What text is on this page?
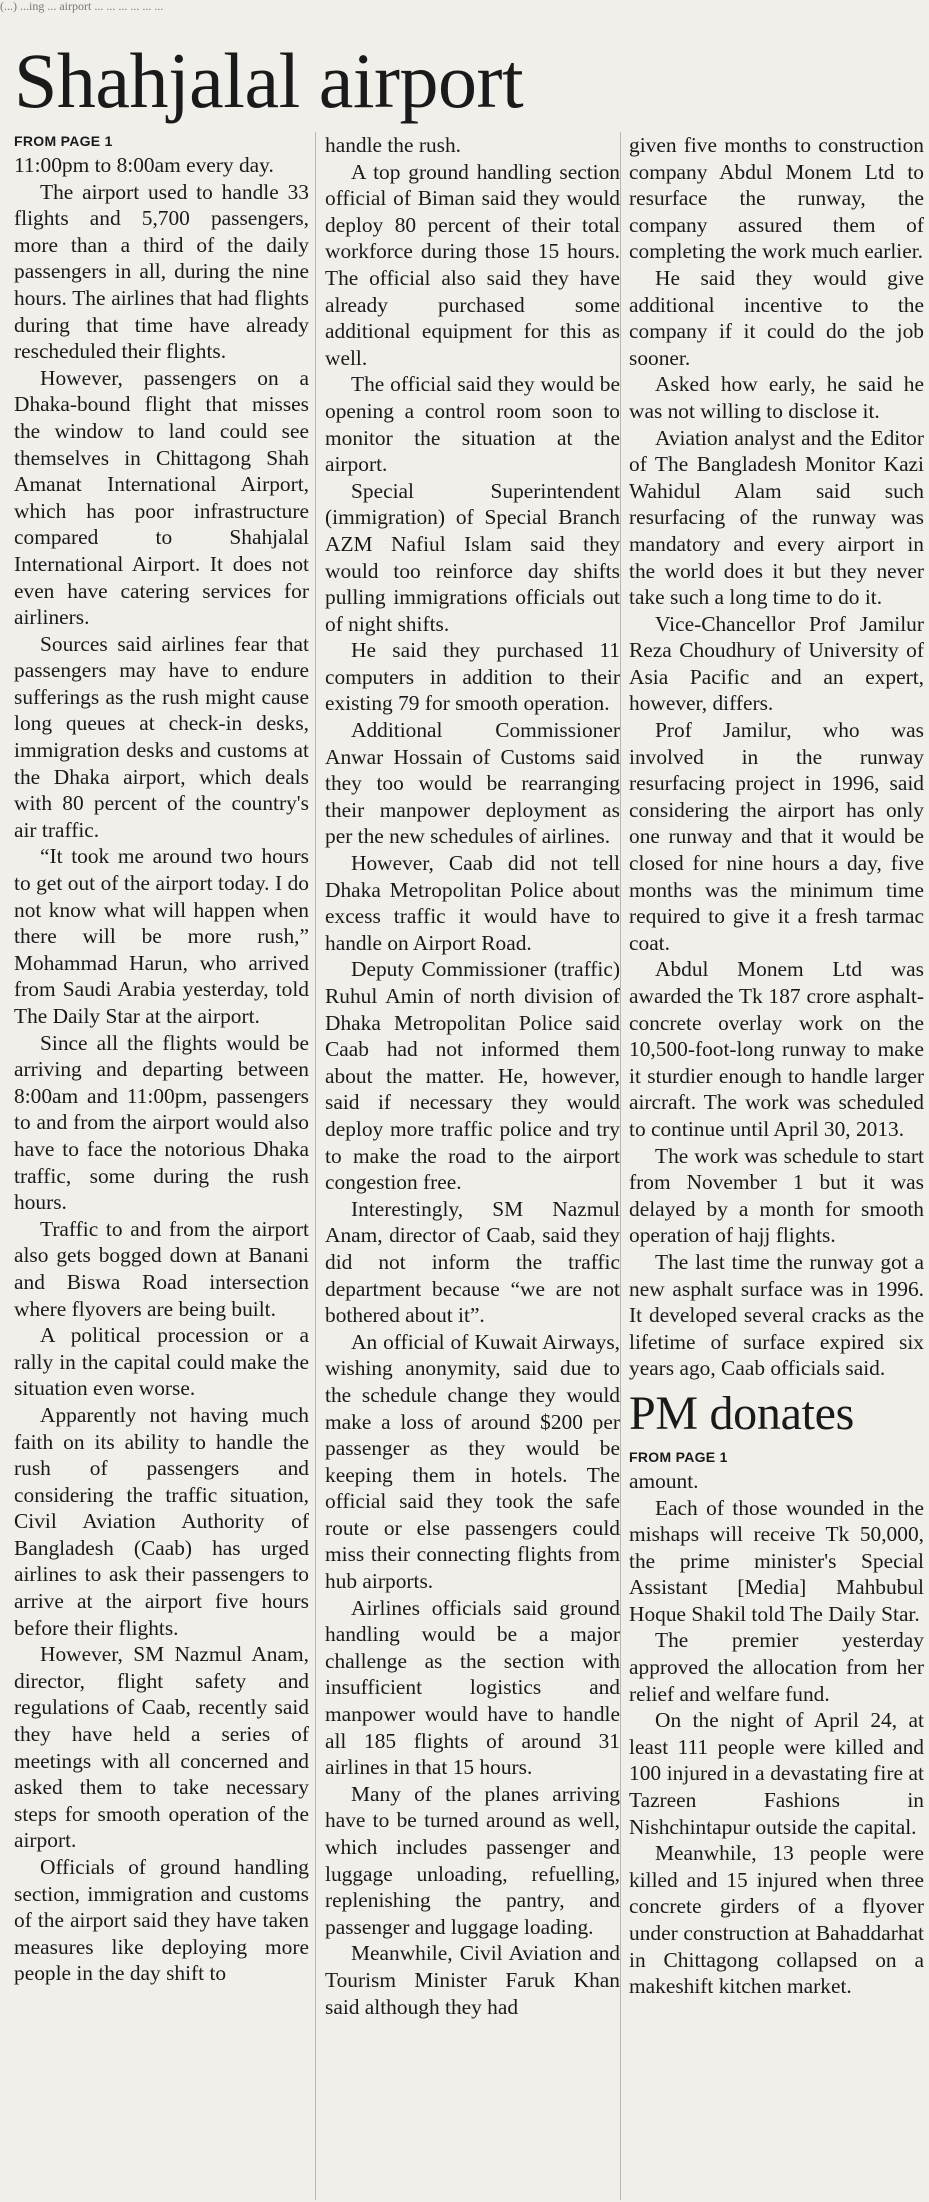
(...) ...ing ... airport ... ... ... ... ... ...
Shahjalal airport
FROM PAGE 1

11:00pm to 8:00am every day.

The airport used to handle 33 flights and 5,700 passengers, more than a third of the daily passengers in all, during the nine hours. The airlines that had flights during that time have already rescheduled their flights.

However, passengers on a Dhaka-bound flight that misses the window to land could see themselves in Chittagong Shah Amanat International Airport, which has poor infrastructure compared to Shahjalal International Airport. It does not even have catering services for airliners.

Sources said airlines fear that passengers may have to endure sufferings as the rush might cause long queues at check-in desks, immigration desks and customs at the Dhaka airport, which deals with 80 percent of the country's air traffic.

“It took me around two hours to get out of the airport today. I do not know what will happen when there will be more rush,” Mohammad Harun, who arrived from Saudi Arabia yesterday, told The Daily Star at the airport.

Since all the flights would be arriving and departing between 8:00am and 11:00pm, passengers to and from the airport would also have to face the notorious Dhaka traffic, some during the rush hours.

Traffic to and from the airport also gets bogged down at Banani and Biswa Road intersection where flyovers are being built.

A political procession or a rally in the capital could make the situation even worse.

Apparently not having much faith on its ability to handle the rush of passengers and considering the traffic situation, Civil Aviation Authority of Bangladesh (Caab) has urged airlines to ask their passengers to arrive at the airport five hours before their flights.

However, SM Nazmul Anam, director, flight safety and regulations of Caab, recently said they have held a series of meetings with all concerned and asked them to take necessary steps for smooth operation of the airport.

Officials of ground handling section, immigration and customs of the airport said they have taken measures like deploying more people in the day shift to

handle the rush.

A top ground handling section official of Biman said they would deploy 80 percent of their total workforce during those 15 hours. The official also said they have already purchased some additional equipment for this as well.

The official said they would be opening a control room soon to monitor the situation at the airport.

Special Superintendent (immigration) of Special Branch AZM Nafiul Islam said they would too reinforce day shifts pulling immigrations officials out of night shifts.

He said they purchased 11 computers in addition to their existing 79 for smooth operation.

Additional Commissioner Anwar Hossain of Customs said they too would be rearranging their manpower deployment as per the new schedules of airlines.

However, Caab did not tell Dhaka Metropolitan Police about excess traffic it would have to handle on Airport Road.

Deputy Commissioner (traffic) Ruhul Amin of north division of Dhaka Metropolitan Police said Caab had not informed them about the matter. He, however, said if necessary they would deploy more traffic police and try to make the road to the airport congestion free.

Interestingly, SM Nazmul Anam, director of Caab, said they did not inform the traffic department because “we are not bothered about it”.

An official of Kuwait Airways, wishing anonymity, said due to the schedule change they would make a loss of around $200 per passenger as they would be keeping them in hotels. The official said they took the safe route or else passengers could miss their connecting flights from hub airports.

Airlines officials said ground handling would be a major challenge as the section with insufficient logistics and manpower would have to handle all 185 flights of around 31 airlines in that 15 hours.

Many of the planes arriving have to be turned around as well, which includes passenger and luggage unloading, refuelling, replenishing the pantry, and passenger and luggage loading.

Meanwhile, Civil Aviation and Tourism Minister Faruk Khan said although they had

given five months to construction company Abdul Monem Ltd to resurface the runway, the company assured them of completing the work much earlier.

He said they would give additional incentive to the company if it could do the job sooner.

Asked how early, he said he was not willing to disclose it.

Aviation analyst and the Editor of The Bangladesh Monitor Kazi Wahidul Alam said such resurfacing of the runway was mandatory and every airport in the world does it but they never take such a long time to do it.

Vice-Chancellor Prof Jamilur Reza Choudhury of University of Asia Pacific and an expert, however, differs.

Prof Jamilur, who was involved in the runway resurfacing project in 1996, said considering the airport has only one runway and that it would be closed for nine hours a day, five months was the minimum time required to give it a fresh tarmac coat.

Abdul Monem Ltd was awarded the Tk 187 crore asphalt-concrete overlay work on the 10,500-foot-long runway to make it sturdier enough to handle larger aircraft. The work was scheduled to continue until April 30, 2013.

The work was schedule to start from November 1 but it was delayed by a month for smooth operation of hajj flights.

The last time the runway got a new asphalt surface was in 1996. It developed several cracks as the lifetime of surface expired six years ago, Caab officials said.

PM donates
FROM PAGE 1

amount.

Each of those wounded in the mishaps will receive Tk 50,000, the prime minister's Special Assistant [Media] Mahbubul Hoque Shakil told The Daily Star.

The premier yesterday approved the allocation from her relief and welfare fund.

On the night of April 24, at least 111 people were killed and 100 injured in a devastating fire at Tazreen Fashions in Nishchintapur outside the capital.

Meanwhile, 13 people were killed and 15 injured when three concrete girders of a flyover under construction at Bahaddarhat in Chittagong collapsed on a makeshift kitchen market.
